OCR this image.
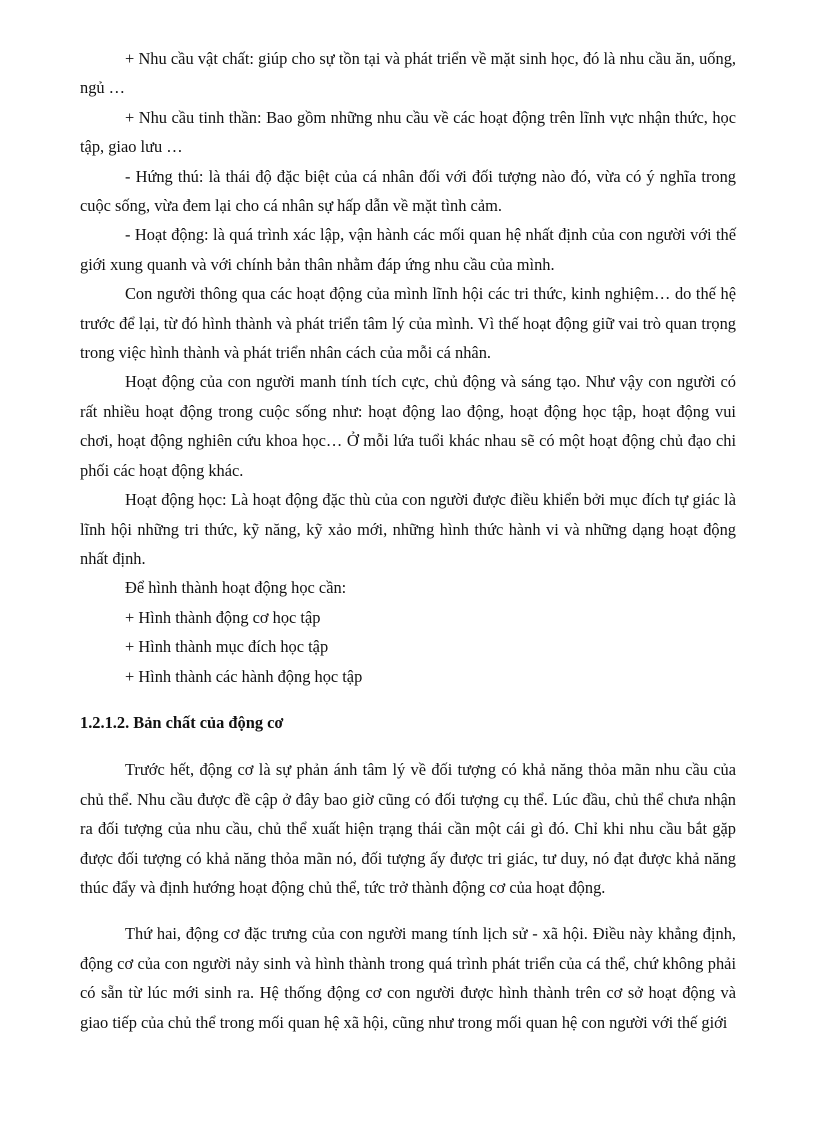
+ Nhu cầu vật chất: giúp cho sự tồn tại và phát triển về mặt sinh học, đó là nhu cầu ăn, uống, ngủ …

+ Nhu cầu tinh thần: Bao gồm những nhu cầu về các hoạt động trên lĩnh vực nhận thức, học tập, giao lưu …

- Hứng thú: là thái độ đặc biệt của cá nhân đối với đối tượng nào đó, vừa có ý nghĩa trong cuộc sống, vừa đem lại cho cá nhân sự hấp dẫn về mặt tình cảm.

- Hoạt động: là quá trình xác lập, vận hành các mối quan hệ nhất định của con người với thế giới xung quanh và với chính bản thân nhằm đáp ứng nhu cầu của mình.

Con người thông qua các hoạt động của mình lĩnh hội các tri thức, kinh nghiệm… do thế hệ trước để lại, từ đó hình thành và phát triển tâm lý của mình. Vì thế hoạt động giữ vai trò quan trọng trong việc hình thành và phát triển nhân cách của mỗi cá nhân.

Hoạt động của con người manh tính tích cực, chủ động và sáng tạo. Như vậy con người có rất nhiều hoạt động trong cuộc sống như: hoạt động lao động, hoạt động học tập, hoạt động vui chơi, hoạt động nghiên cứu khoa học… Ở mỗi lứa tuổi khác nhau sẽ có một hoạt động chủ đạo chi phối các hoạt động khác.

Hoạt động học: Là hoạt động đặc thù của con người được điều khiển bởi mục đích tự giác là lĩnh hội những tri thức, kỹ năng, kỹ xảo mới, những hình thức hành vi và những dạng hoạt động nhất định.

Để hình thành hoạt động học cần:

+ Hình thành động cơ học tập

+ Hình thành mục đích học tập

+ Hình thành các hành động học tập

1.2.1.2. Bản chất của động cơ

Trước hết, động cơ là sự phản ánh tâm lý về đối tượng có khả năng thỏa mãn nhu cầu của chủ thể. Nhu cầu được đề cập ở đây bao giờ cũng có đối tượng cụ thể. Lúc đầu, chủ thể chưa nhận ra đối tượng của nhu cầu, chủ thể xuất hiện trạng thái cần một cái gì đó. Chỉ khi nhu cầu bắt gặp được đối tượng có khả năng thỏa mãn nó, đối tượng ấy được tri giác, tư duy, nó đạt được khả năng thúc đẩy và định hướng hoạt động chủ thể, tức trở thành động cơ của hoạt động.

Thứ hai, động cơ đặc trưng của con người mang tính lịch sử - xã hội. Điều này khẳng định, động cơ của con người nảy sinh và hình thành trong quá trình phát triển của cá thể, chứ không phải có sẵn từ lúc mới sinh ra. Hệ thống động cơ con người được hình thành trên cơ sở hoạt động và giao tiếp của chủ thể trong mối quan hệ xã hội, cũng như trong mối quan hệ con người với thế giới
